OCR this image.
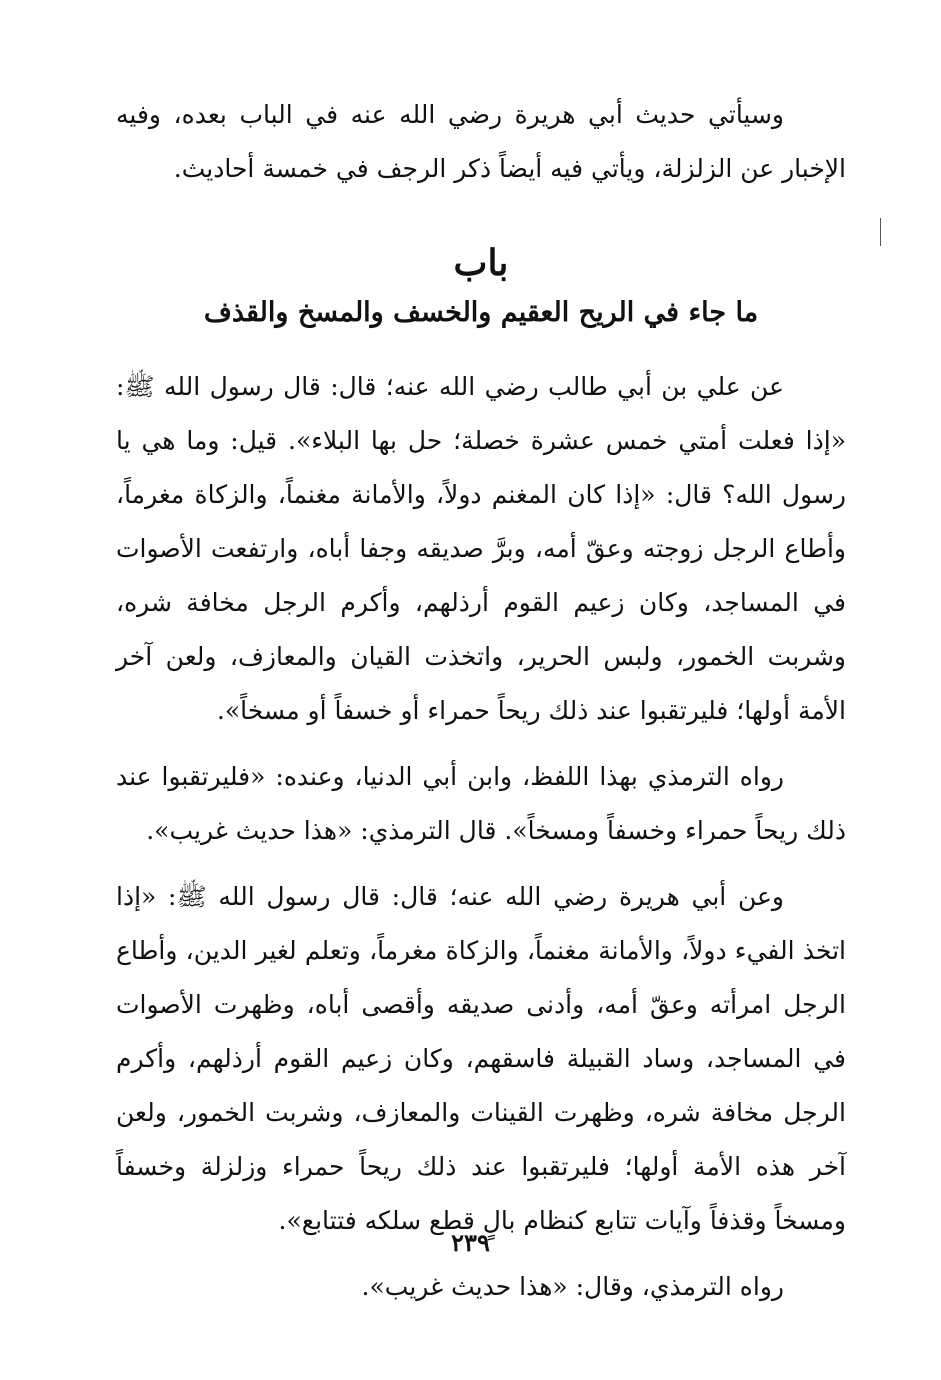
وسيأتي حديث أبي هريرة رضي الله عنه في الباب بعده، وفيه الإخبار عن الزلزلة، ويأتي فيه أيضاً ذكر الرجف في خمسة أحاديث.

باب
ما جاء في الريح العقيم والخسف والمسخ والقذف

عن علي بن أبي طالب رضي الله عنه؛ قال: قال رسول الله ﷺ: «إذا فعلت أمتي خمس عشرة خصلة؛ حل بها البلاء». قيل: وما هي يا رسول الله؟ قال: «إذا كان المغنم دولاً، والأمانة مغنماً، والزكاة مغرماً، وأطاع الرجل زوجته وعقّ أمه، وبرَّ صديقه وجفا أباه، وارتفعت الأصوات في المساجد، وكان زعيم القوم أرذلهم، وأكرم الرجل مخافة شره، وشربت الخمور، ولبس الحرير، واتخذت القيان والمعازف، ولعن آخر الأمة أولها؛ فليرتقبوا عند ذلك ريحاً حمراء أو خسفاً أو مسخاً».

رواه الترمذي بهذا اللفظ، وابن أبي الدنيا، وعنده: «فليرتقبوا عند ذلك ريحاً حمراء وخسفاً ومسخاً». قال الترمذي: «هذا حديث غريب».

وعن أبي هريرة رضي الله عنه؛ قال: قال رسول الله ﷺ: «إذا اتخذ الفيء دولاً، والأمانة مغنماً، والزكاة مغرماً، وتعلم لغير الدين، وأطاع الرجل امرأته وعقّ أمه، وأدنى صديقه وأقصى أباه، وظهرت الأصوات في المساجد، وساد القبيلة فاسقهم، وكان زعيم القوم أرذلهم، وأكرم الرجل مخافة شره، وظهرت القينات والمعازف، وشربت الخمور، ولعن آخر هذه الأمة أولها؛ فليرتقبوا عند ذلك ريحاً حمراء وزلزلة وخسفاً ومسخاً وقذفاً وآيات تتابع كنظام بالٍ قطع سلكه فتتابع».

رواه الترمذي، وقال: «هذا حديث غريب».

٢٣٩
